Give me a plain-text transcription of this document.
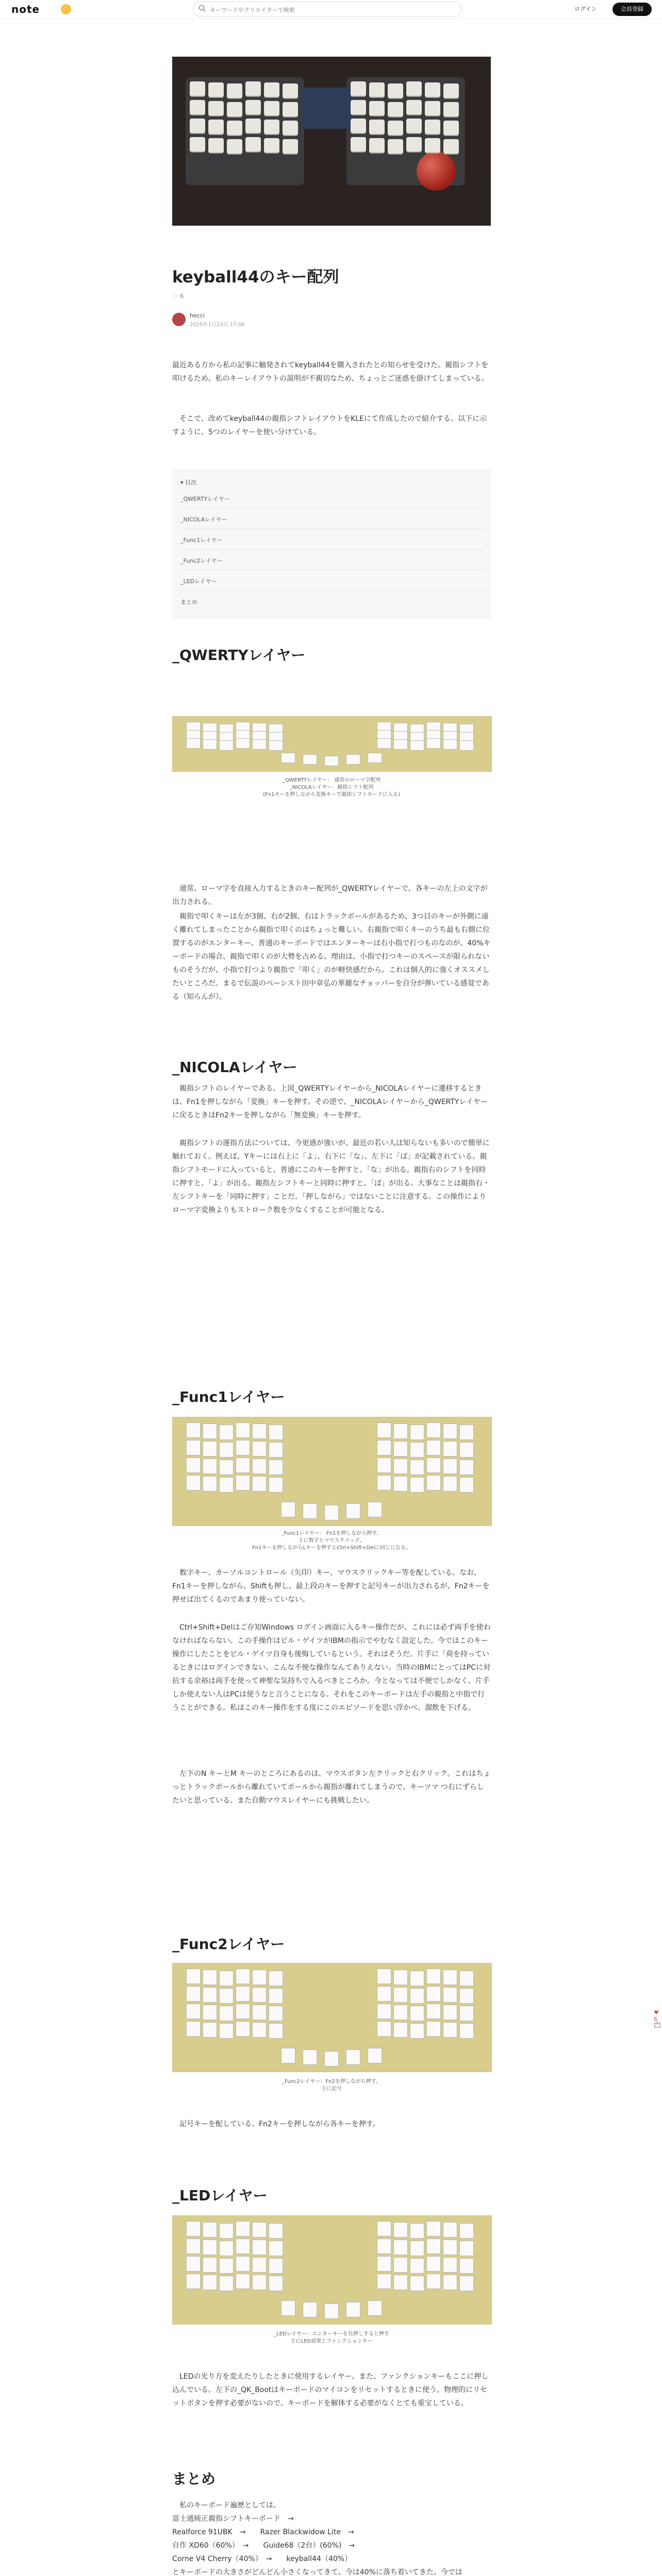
note
キーワードやクリエイターで検索	ログイン	会員登録
keyball44のキー配列
♡ 6
hecci
2025年1月23日 17:06
最近ある方から私の記事に触発されてkeyball44を購入されたとの知らせを受けた。親指シフトを叩けるため、私のキーレイアウトの説明が不親切なため、ちょっとご迷惑を掛けてしまっている。
そこで、改めてkeyball44の親指シフトレイアウトをKLEにて作成したので紹介する。以下に示すように、5つのレイヤーを使い分けている。
▾ 目次
_QWERTYレイヤー
_NICOLAレイヤー
_Func1レイヤー
_Func2レイヤー
_LEDレイヤー
まとめ
_QWERTYレイヤー
_QWERTYレイヤー： 通常のローマ字配列
_NICOLAレイヤー：親指シフト配列
(Fn1キーを押しながら変換キーで親指シフトモードに入る)
通常、ローマ字を直接入力するときのキー配列が_QWERTYレイヤーで、各キーの左上の文字が出力される。
親指で叩くキーは左が3個、右が2個、右はトラックボールがあるため、3つ目のキーが外側に遠く離れてしまったことから親指で叩くのはちょっと難しい。右親指で叩くキーのうち最も右側に位置するのがエンターキー、普通のキーボードではエンターキーは右小指で打つものなのが、40%キーボードの場合、親指で叩くのが大勢を占める。理由は、小指で打つキーのスペースが限られないものそうだが、小指で打つより親指で「叩く」のが軽快感だから。これは個人的に強くオススメしたいところだ。まるで伝説のベーシスト田中章弘の華麗なチョッパーを自分が弾いている感覚である（知らんが）。
_NICOLAレイヤー
親指シフトのレイヤーである。上図_QWERTYレイヤーから_NICOLAレイヤーに遷移するときは、Fn1を押しながら「変換」キーを押す。その逆で、_NICOLAレイヤーから_QWERTYレイヤーに戻るときはFn2キーを押しながら「無変換」キーを押す。
親指シフトの運指方法については、今更感が強いが、最近の若い人は知らないも多いので簡単に触れておく。例えば、Yキーには右上に「よ」、右下に「な」、左下に「ば」が記載されている。親指シフトモードに入っていると、普通にこのキーを押すと、「な」が出る。親指右のシフトを同時に押すと、「よ」が出る。親指左シフトキーと同時に押すと、「ば」が出る。大事なことは親指右・左シフトキーを「同時に押す」ことだ。「押しながら」ではないことに注意する。この操作によりローマ字変換よりもストローク数を少なくすることが可能となる。
_Func1レイヤー
_Func1レイヤー： Fn1を押しながら押す。
主に数字とマウスクリック。
Fn1キーを押しながらLキーを押すとCtrl+Shift+Delに同じになる。
数字キー、カーソルコントロール（矢印）キー、マウスクリックキー等を配している。なお、Fn1キーを押しながら、Shiftも押し、最上段のキーを押すと記号キーが出力されるが、Fn2キーを押せば出てくるのであまり使っていない。
Ctrl+Shift+Delはご存知Windows ログイン画面に入るキー操作だが、これには必ず両手を使わなければならない。この手操作はビル・ゲイツがIBMの指示でやむなく設定した。今ではこのキー操作にしたことをビル・ゲイツ自身も後悔しているという。それはそうだ。片手に「荷を持っているときにはログインできない。こんな不便な操作なんてありえない。当時のIBMにとってはPCに対抗する余裕は両手を使って神聖な気持ちで入るべきところか。今となっては不便でしかなく、片手しか使えない人はPCは使うなと言うことになる。それをこのキーボードは左手の親指と中指で行うことができる。私はこのキー操作をする度にこのエピソードを思い浮かべ、溜飲を下げる。
左下のN キーとM キーのところにあるのは、マウスボタン左クリックと右クリック。これはちょっとトラックボールから離れていてボールから親指が離れてしまうので、キーツマ つ右にずらしたいと思っている。また自動マウスレイヤーにも挑戦したい。
_Func2レイヤー
_Func2レイヤー：Fn2を押しながら押す。
主に記号
記号キーを配している。Fn2キーを押しながら各キーを押す。
_LEDレイヤー
_LEDレイヤー：エンターキーを長押しすると押す
主にLED効果とファンクションキー
LEDの光り方を変えたりしたときに使用するレイヤー。また、ファンクションキーもここに押し込んでいる。左下の_QK_Bootはキーボードのマイコンをリセットするときに使う。物理的にリセットボタンを押す必要がないので、キーボードを解体する必要がなくとても重宝している。
まとめ
私のキーボード遍歴としては、
富士通純正親指シフトキーボード　→
Realforce 91UBK　→　　Razer Blackwidow Lite　→
自作 XD60（60%）　→　　Guide68（2台）(60%)　→
Corne V4 Cherry（40%）　→　　keyball44（40%）
とキーボードの大きさがどんどん小さくなってきて、今は40%に落ち着いてきた。今では
♥ 6
